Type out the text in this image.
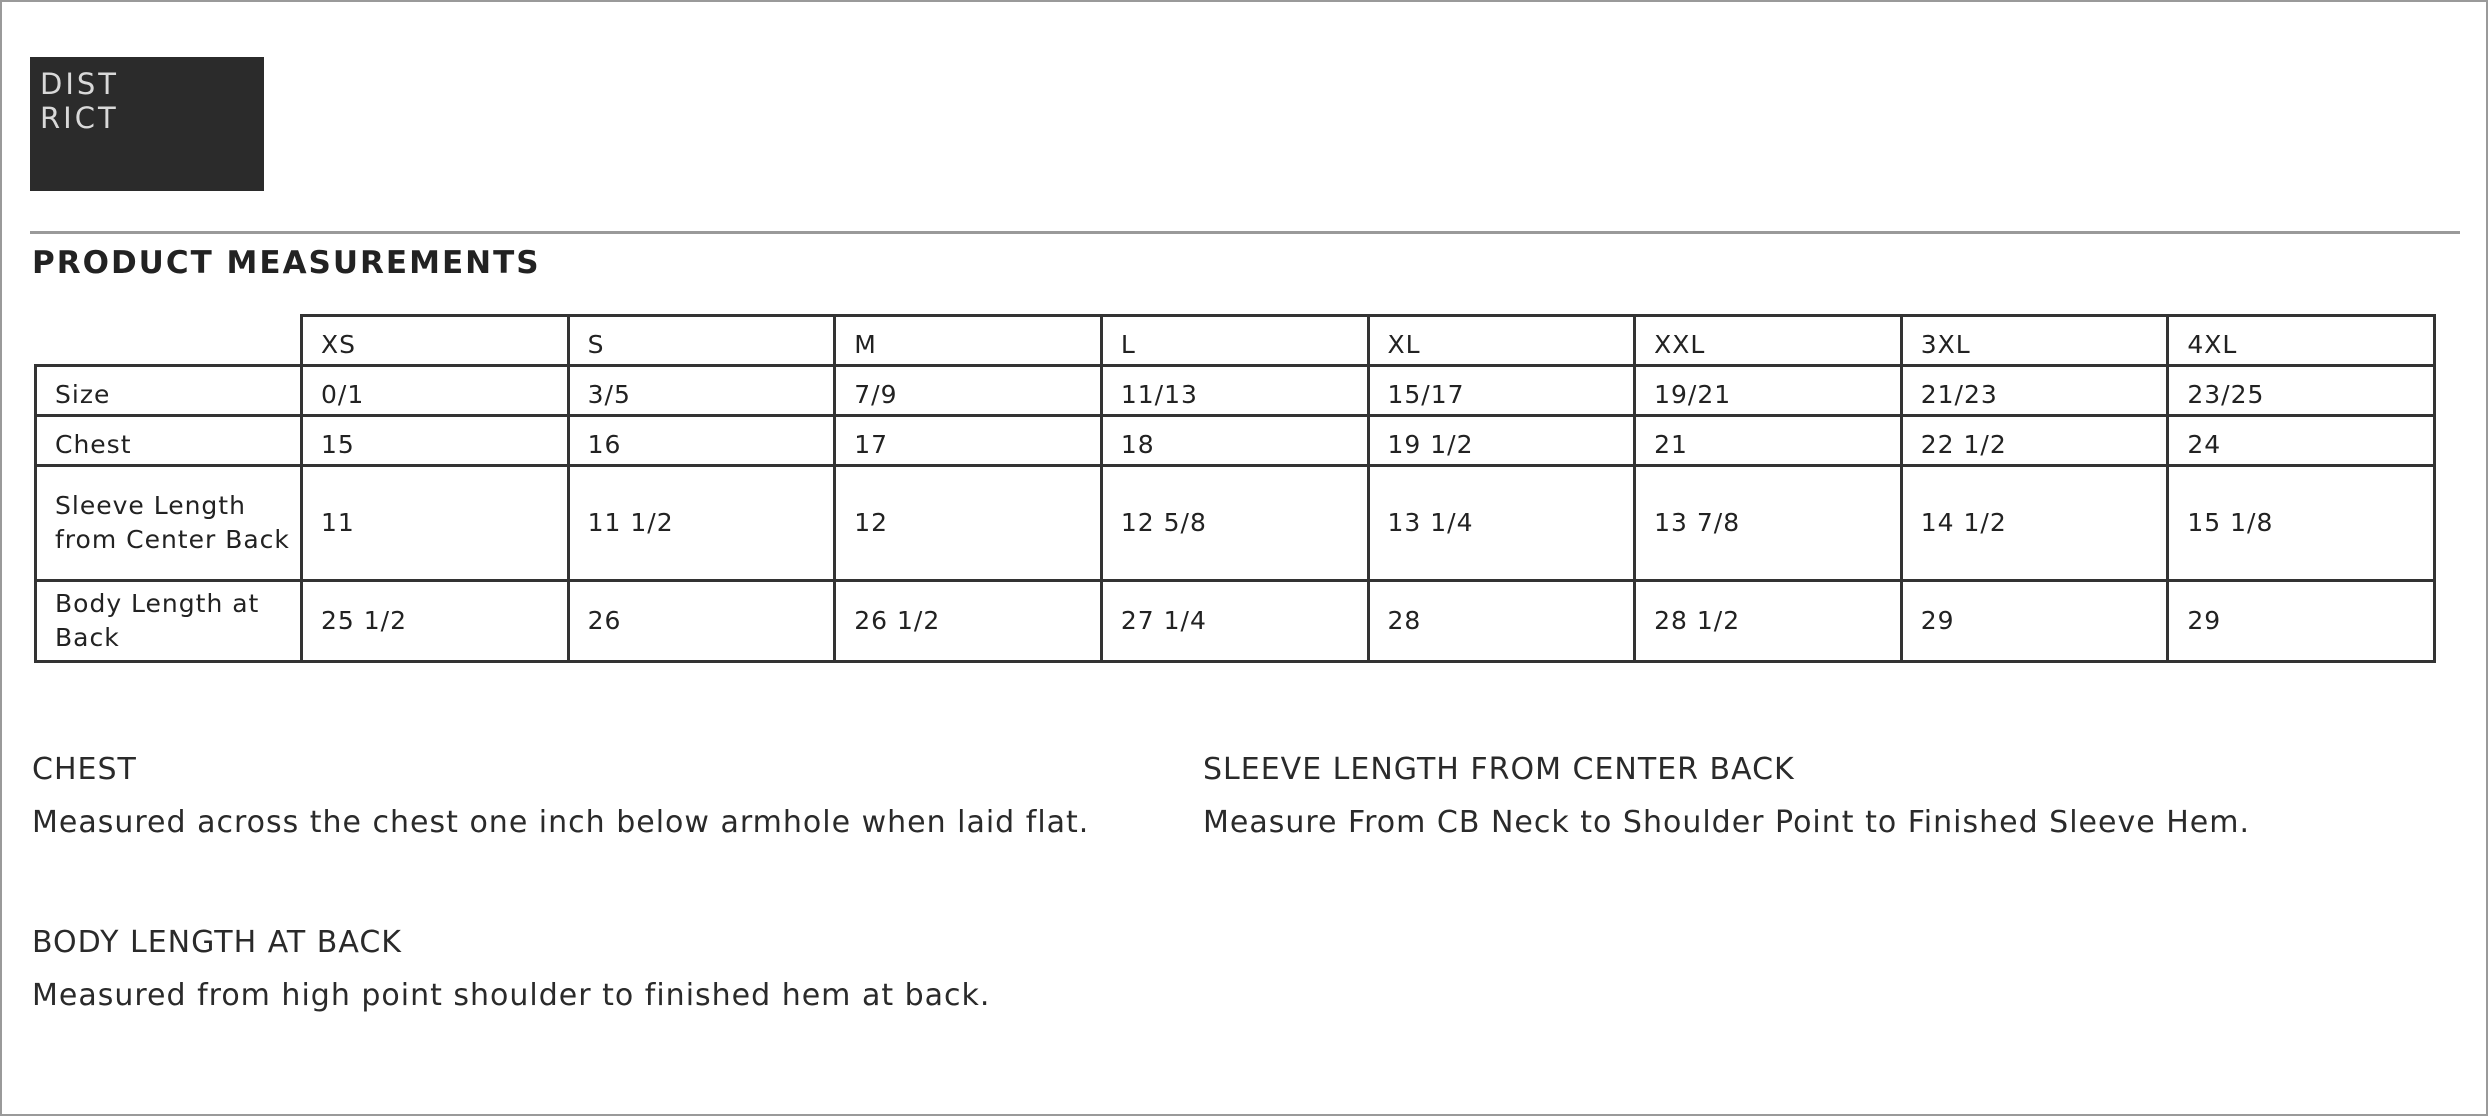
DIST
RICT
PRODUCT MEASUREMENTS
	XS	S	M	L	XL	XXL	3XL	4XL
Size	0/1	3/5	7/9	11/13	15/17	19/21	21/23	23/25
Chest	15	16	17	18	19 1/2	21	22 1/2	24
Sleeve Length from Center Back	11	11 1/2	12	12 5/8	13 1/4	13 7/8	14 1/2	15 1/8
Body Length at Back	25 1/2	26	26 1/2	27 1/4	28	28 1/2	29	29
CHEST
Measured across the chest one inch below armhole when laid flat.
SLEEVE LENGTH FROM CENTER BACK
Measure From CB Neck to Shoulder Point to Finished Sleeve Hem.
BODY LENGTH AT BACK
Measured from high point shoulder to finished hem at back.
